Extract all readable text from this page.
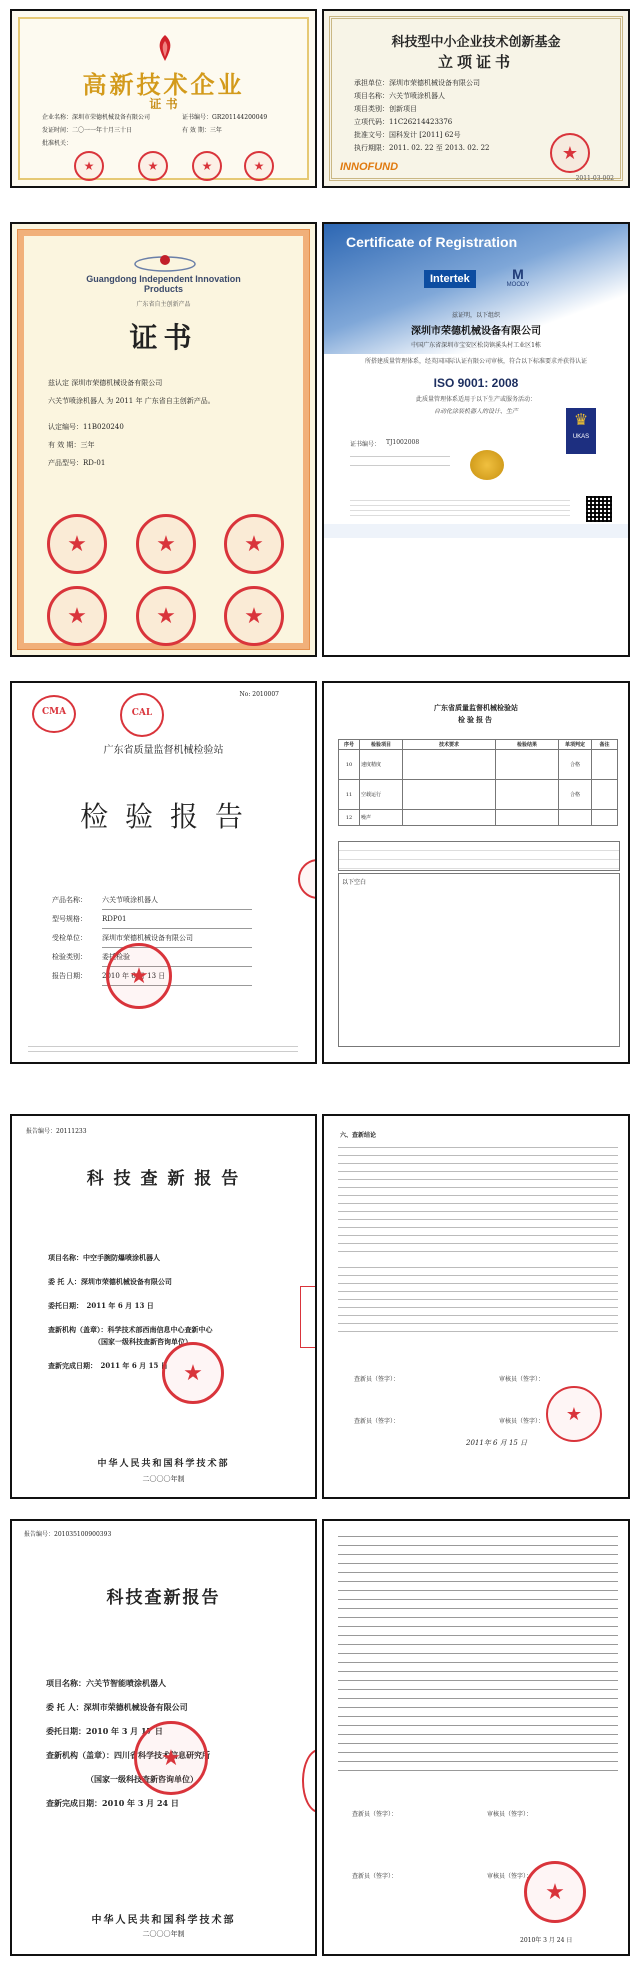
高新技术企业
证 书
企业名称： 深圳市荣德机械设备有限公司	证书编号： GR201144200049
发证时间： 二〇一一年十月三十日	有 效 期： 三年
批准机关：
★
★
★
★
科技型中小企业技术创新基金
立项证书
承担单位：深圳市荣德机械设备有限公司
项目名称：六关节喷涂机器人
项目类别：创新项目
立项代码：11C26214423376
批准文号：国科发计 [2011] 62号
执行期限：2011. 02. 22 至 2013. 02. 22
INNOFUND
★
2011-03-002
Guangdong Independent Innovation Products
广东省自主创新产品
证书
兹认定 深圳市荣德机械设备有限公司
六关节喷涂机器人 为 2011 年 广东省自主创新产品。
认定编号：11B020240
有 效 期：三年
产品型号：RD-01
★
★
★
★
★
★
Certificate of Registration
Intertek	M
MOODY
兹证明，以下组织
深圳市荣德机械设备有限公司
中国广东省深圳市宝安区松岗镇溪头村工业区1栋
所搭建质量管理体系，经英国国际认证有限公司审核，符合以下标准要求并获得认证
ISO 9001: 2008
此质量管理体系适用于以下生产或服务活动：
自动化涂装机器人的设计、生产
证书编号： TJ1002008
♛
UKAS
CMA	CAL
No: 2010007
广东省质量监督机械检验站
检 验 报 告
产品名称：	六关节喷涂机器人
型号规格：	RDP01
受检单位：	深圳市荣德机械设备有限公司
检验类别：	委托检验
报告日期：	2010 年 6 月 13 日
★
广东省质量监督机械检验站
检验报告
序号	检验项目	技术要求	检验结果	单项判定	备注
10	速度精度			合格	
11	空载运行			合格	
12	噪声				
以下空白
报告编号：20111233
科 技 查 新 报 告
项目名称：中空手腕防爆喷涂机器人
委 托 人：深圳市荣德机械设备有限公司
委托日期：　2011 年 6 月 13 日
查新机构（盖章）：科学技术部西南信息中心查新中心
（国家一级科技查新咨询单位）
查新完成日期：　2011 年 6 月 15 日
★
中华人民共和国科学技术部
二〇〇〇年制
六、查新结论
查新员（签字）：	审核员（签字）：
查新员（签字）：	审核员（签字）：
★
2011年 6 月 15 日
报告编号：201035100900393
科技查新报告
项目名称：六关节智能喷涂机器人
委 托 人：深圳市荣德机械设备有限公司
委托日期：2010 年 3 月 17 日
查新机构（盖章）：四川省科学技术信息研究所
（国家一级科技查新咨询单位）
查新完成日期：2010 年 3 月 24 日
★
中华人民共和国科学技术部
二〇〇〇年制
查新员（签字）：	审核员（签字）：
查新员（签字）：	审核员（签字）：
★
2010年 3 月 24 日
